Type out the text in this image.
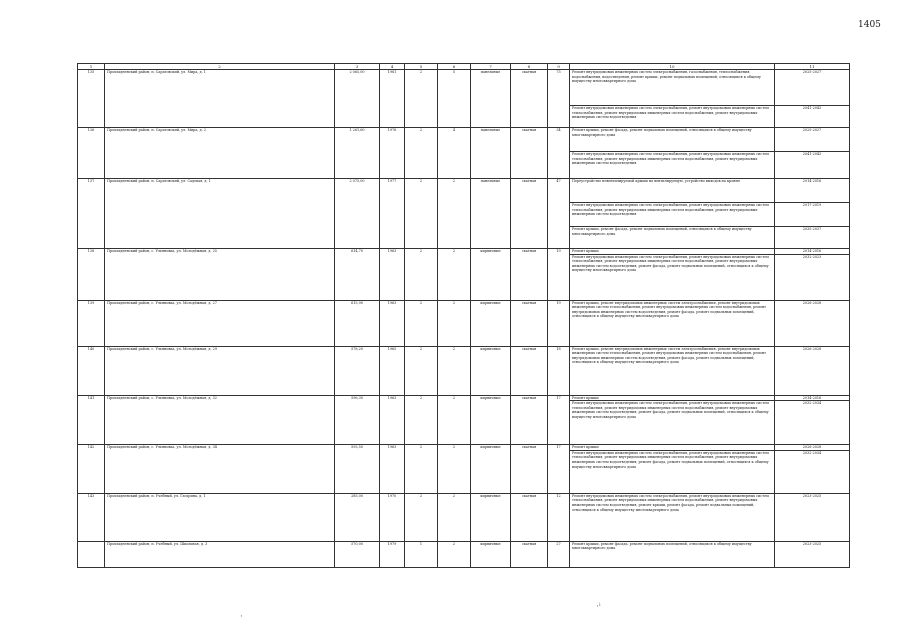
1405
1	2	3	4	5	6	7	8	9	10	11
135	Прохладненский район, п. Саратовский, ул. Мира, д. 1	2 065,00	1981	2	5	панельные	скатная	75	Ремонт внутридомовых инженерных систем электроснабжения, газоснабжения, теплоснабжения, водоснабжения, водоотведения, ремонт крыши, ремонт подвальных помещений, относящихся к общему имуществу многоквартирного дома	2025-2027
									Ремонт внутридомовых инженерных систем электроснабжения, ремонт внутридомовых инженерных систем теплоснабжения, ремонт внутридомовых инженерных систем водоснабжения, ремонт внутридомовых инженерных систем водоотведения	2041-2043
136	Прохладненский район, п. Саратовский, ул. Мира, д. 2	1 261,60	1976	2	4	панельные	скатная	34	Ремонт крыши, ремонт фасада, ремонт подвальных помещений, относящихся к общему имуществу многоквартирного дома	2025-2027
									Ремонт внутридомовых инженерных систем электроснабжения, ремонт внутридомовых инженерных систем теплоснабжения, ремонт внутридомовых инженерных систем водоснабжения, ремонт внутридомовых инженерных систем водоотведения	2041-2043
137	Прохладненский район, п. Саратовский, ул. Садовая, д. 1	2 075,00	1977	2	2	панельные	скатная	47	Переустройство невентилируемой крыши на вентилируемую, устройство выходов на кровлю	2014-2016
									Ремонт внутридомовых инженерных систем электроснабжения, ремонт внутридомовых инженерных систем теплоснабжения, ремонт внутридомовых инженерных систем водоснабжения, ремонт внутридомовых инженерных систем водоотведения	2017-2019
									Ремонт крыши, ремонт фасада, ремонт подвальных помещений, относящихся к общему имуществу многоквартирного дома	2035-2037
138	Прохладненский район, с. Ульяновка, ул. Молодёжная, д. 25	614,70	1963	2	2	кирпичные	скатная	19	Ремонт крыши	2014-2016
									Ремонт внутридомовых инженерных систем электроснабжения, ремонт внутридомовых инженерных систем теплоснабжения, ремонт внутридомовых инженерных систем водоснабжения, ремонт внутридомовых инженерных систем водоотведения, ремонт фасада, ремонт подвальных помещений, относящихся к общему имуществу многоквартирного дома	2032-2023
139	Прохладненский район, с. Ульяновка, ул. Молодёжная, д. 27	615,90	1963	2	2	кирпичные	скатная	19	Ремонт крыши, ремонт внутридомовых инженерных систем электроснабжения, ремонт внутридомовых инженерных систем теплоснабжения, ремонт внутридомовых инженерных систем водоснабжения, ремонт внутридомовых инженерных систем водоотведения, ремонт фасада, ремонт подвальных помещений, относящихся к общему имуществу многоквартирного дома	2026-2028
140	Прохладненский район, с. Ульяновка, ул. Молодёжная, д. 29	578,20	1965	2	2	кирпичные	скатная	18	Ремонт крыши, ремонт внутридомовых инженерных систем электроснабжения, ремонт внутридомовых инженерных систем теплоснабжения, ремонт внутридомовых инженерных систем водоснабжения, ремонт внутридомовых инженерных систем водоотведения, ремонт фасада, ремонт подвальных помещений, относящихся к общему имуществу многоквартирного дома	2026-2028
141	Прохладненский район, с. Ульяновка, ул. Молодёжная, д. 32	596,30	1963	2	2	кирпичные	скатная	17	Ремонт крыши	2014-2016
									Ремонт внутридомовых инженерных систем электроснабжения, ремонт внутридомовых инженерных систем теплоснабжения, ремонт внутридомовых инженерных систем водоснабжения, ремонт внутридомовых инженерных систем водоотведения, ремонт фасада, ремонт подвальных помещений, относящихся к общему имуществу многоквартирного дома	2032-2034
142	Прохладненский район, с. Ульяновка, ул. Молодёжная, д. 34	593,50	1963	2	2	кирпичные	скатная	17	Ремонт крыши	2026-2028
									Ремонт внутридомовых инженерных систем электроснабжения, ремонт внутридомовых инженерных систем теплоснабжения, ремонт внутридомовых инженерных систем водоснабжения, ремонт внутридомовых инженерных систем водоотведения, ремонт фасада, ремонт подвальных помещений, относящихся к общему имуществу многоквартирного дома	2032-2034
143	Прохладненский район, п. Учебный, ул. Гагарина, д. 1	285,00	1970	2	2	кирпичные	скатная	12	Ремонт внутридомовых инженерных систем электроснабжения, ремонт внутридомовых инженерных систем теплоснабжения, ремонт внутридомовых инженерных систем водоснабжения, ремонт внутридомовых инженерных систем водоотведения, ремонт крыши, ремонт фасада, ремонт подвальных помещений, относящихся к общему имуществу многоквартирного дома	2023-2025
	Прохладненский район, п. Учебный, ул. Школьная, д. 3	570,00	1979	1	2	кирпичные	скатная	27	Ремонт крыши, ремонт фасада, ремонт подвальных помещений, относящихся к общему имуществу многоквартирного дома	2023-2025
·ⁱ
·
